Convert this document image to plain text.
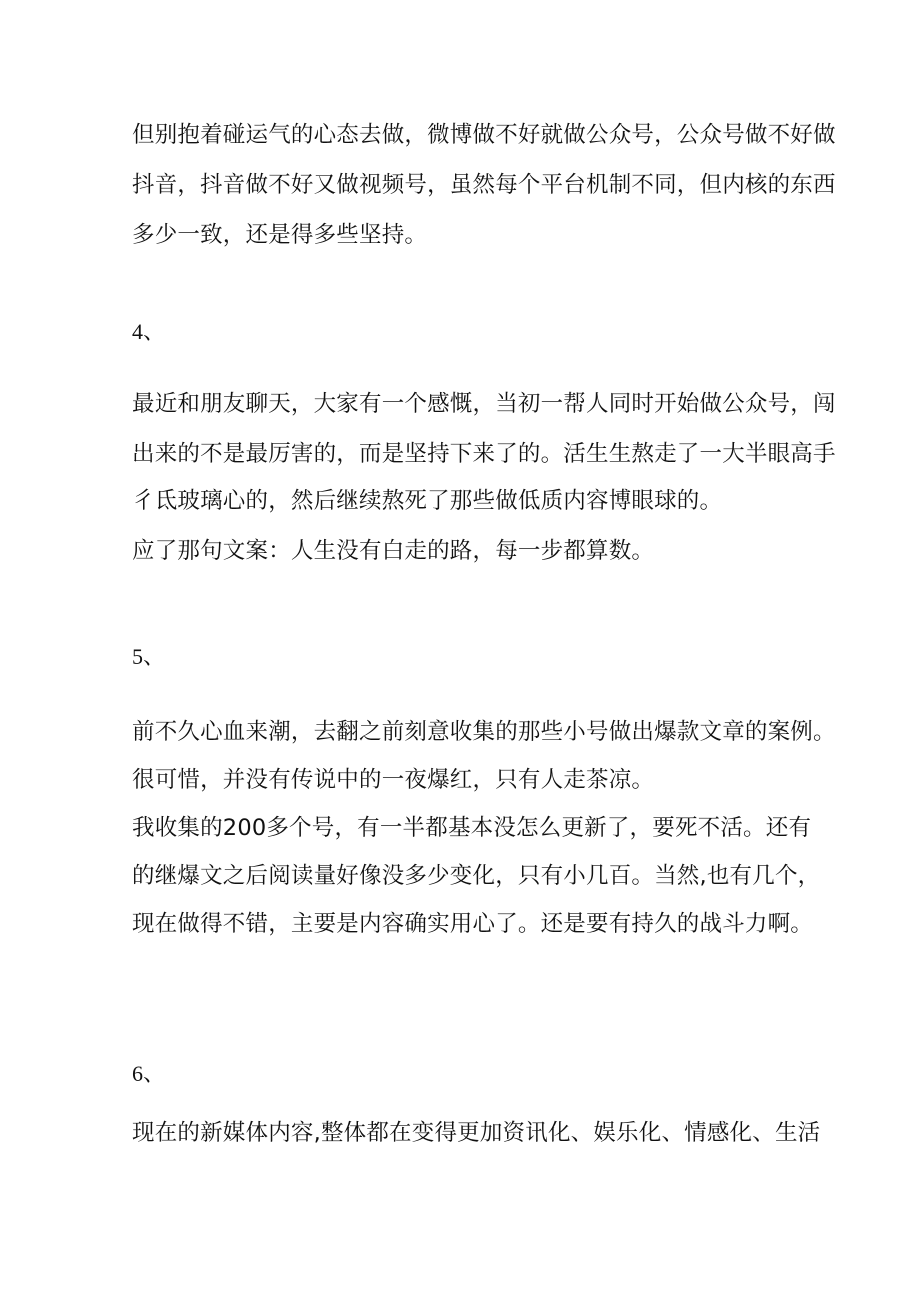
但别抱着碰运气的心态去做，微博做不好就做公众号，公众号做不好做
抖音，抖音做不好又做视频号，虽然每个平台机制不同，但内核的东西
多少一致，还是得多些坚持。
4、
最近和朋友聊天，大家有一个感慨，当初一帮人同时开始做公众号，闯
出来的不是最厉害的，而是坚持下来了的。活生生熬走了一大半眼高手
彳氐玻璃心的，然后继续熬死了那些做低质内容博眼球的。
应了那句文案：人生没有白走的路，每一步都算数。
5、
前不久心血来潮，去翻之前刻意收集的那些小号做出爆款文章的案例。
很可惜，并没有传说中的一夜爆红，只有人走茶凉。
我收集的200多个号，有一半都基本没怎么更新了，要死不活。还有
的继爆文之后阅读量好像没多少变化，只有小几百。当然,也有几个，
现在做得不错，主要是内容确实用心了。还是要有持久的战斗力啊。
6、
现在的新媒体内容,整体都在变得更加资讯化、娱乐化、情感化、生活
